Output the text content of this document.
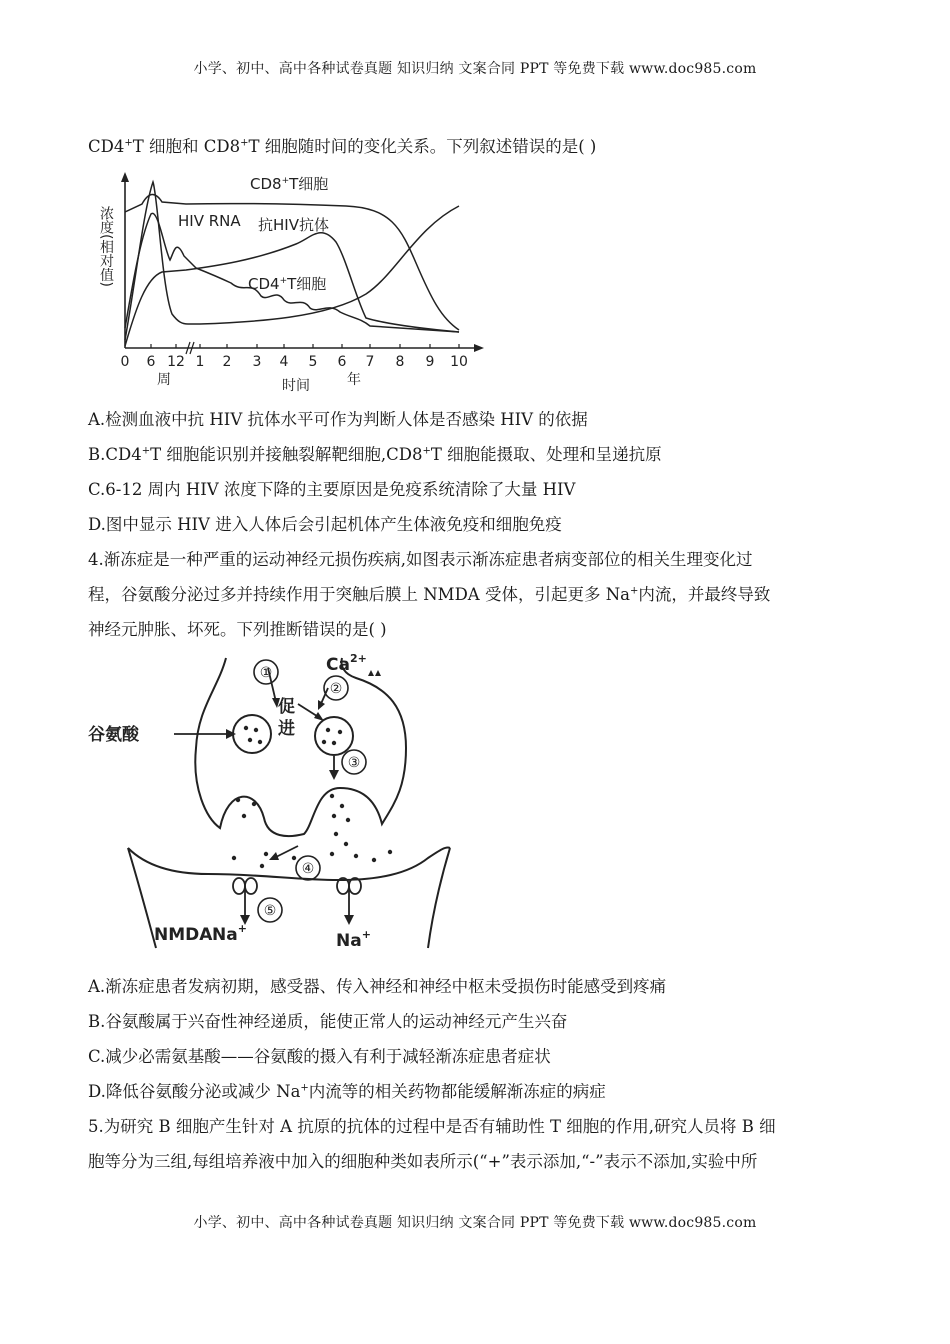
小学、初中、高中各种试卷真题 知识归纳 文案合同 PPT 等免费下载 www.doc985.com
CD4+T 细胞和 CD8+T 细胞随时间的变化关系。下列叙述错误的是( )
CD8+T细胞
HIV RNA 抗HIV抗体
CD4+T细胞
浓度(相对值)
0 6 12 1 2 3 4 5 6 7 8 9 10
周	时间	年
A.检测血液中抗 HIV 抗体水平可作为判断人体是否感染 HIV 的依据
B.CD4+T 细胞能识别并接触裂解靶细胞,CD8+T 细胞能摄取、处理和呈递抗原
C.6-12 周内 HIV 浓度下降的主要原因是免疫系统清除了大量 HIV
D.图中显示 HIV 进入人体后会引起机体产生体液免疫和细胞免疫
4.渐冻症是一种严重的运动神经元损伤疾病,如图表示渐冻症患者病变部位的相关生理变化过
程，谷氨酸分泌过多并持续作用于突触后膜上 NMDA 受体，引起更多 Na+内流，并最终导致
神经元肿胀、坏死。下列推断错误的是( )
谷氨酸
$Ca^{2+}$
促
进
NMDA Na+
Na+
①
②
③
④
⑤
A.渐冻症患者发病初期，感受器、传入神经和神经中枢未受损伤时能感受到疼痛
B.谷氨酸属于兴奋性神经递质，能使正常人的运动神经元产生兴奋
C.减少必需氨基酸——谷氨酸的摄入有利于减轻渐冻症患者症状
D.降低谷氨酸分泌或减少 Na+内流等的相关药物都能缓解渐冻症的病症
5.为研究 B 细胞产生针对 A 抗原的抗体的过程中是否有辅助性 T 细胞的作用,研究人员将 B 细
胞等分为三组,每组培养液中加入的细胞种类如表所示(“+”表示添加,“-”表示不添加,实验中所
小学、初中、高中各种试卷真题 知识归纳 文案合同 PPT 等免费下载 www.doc985.com
